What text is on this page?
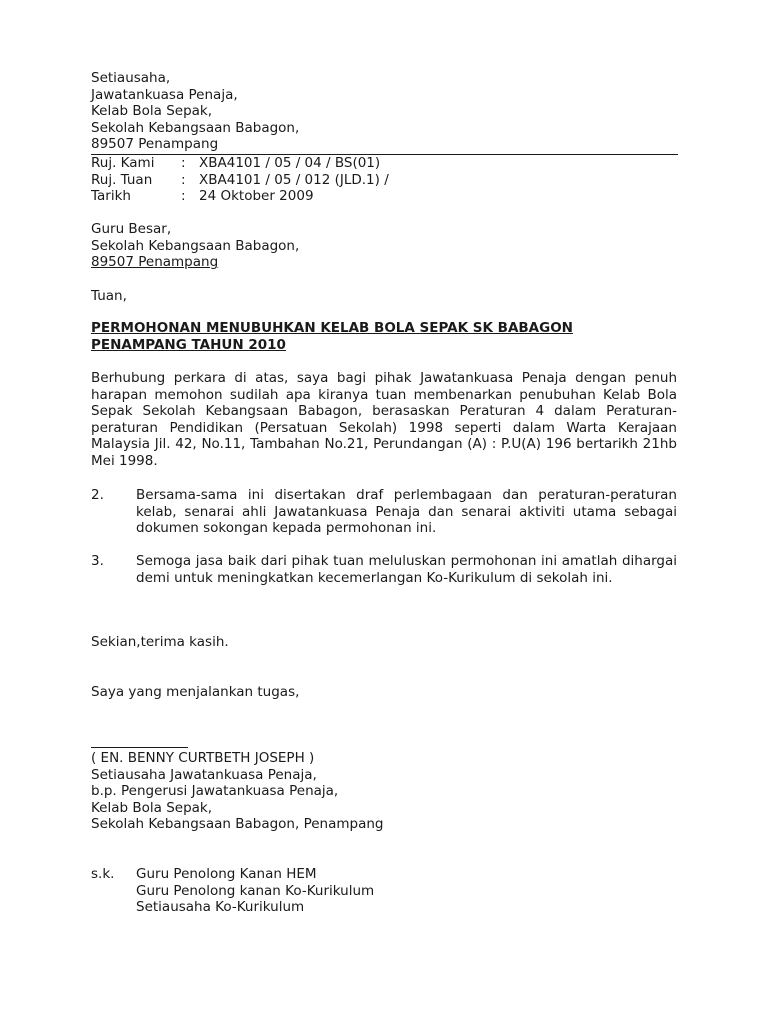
Setiausaha,
Jawatankuasa Penaja,
Kelab Bola Sepak,
Sekolah Kebangsaan Babagon,
89507 Penampang
Ruj. Kami	: XBA4101 / 05 / 04 / BS(01)
Ruj. Tuan	: XBA4101 / 05 / 012 (JLD.1) /
Tarikh	: 24 Oktober 2009
Guru Besar,
Sekolah Kebangsaan Babagon,
89507 Penampang
Tuan,
PERMOHONAN MENUBUHKAN KELAB BOLA SEPAK SK BABAGON
PENAMPANG TAHUN 2010
Berhubung perkara di atas, saya bagi pihak Jawatankuasa Penaja dengan penuh harapan memohon sudilah apa kiranya tuan membenarkan penubuhan Kelab Bola Sepak Sekolah Kebangsaan Babagon, berasaskan Peraturan 4 dalam Peraturan-peraturan Pendidikan (Persatuan Sekolah) 1998 seperti dalam Warta Kerajaan Malaysia Jil. 42, No.11, Tambahan No.21, Perundangan (A) : P.U(A) 196 bertarikh 21hb Mei 1998.
2.	Bersama-sama ini disertakan draf perlembagaan dan peraturan-peraturan kelab, senarai ahli Jawatankuasa Penaja dan senarai aktiviti utama sebagai dokumen sokongan kepada permohonan ini.
3.	Semoga jasa baik dari pihak tuan meluluskan permohonan ini amatlah dihargai demi untuk meningkatkan kecemerlangan Ko-Kurikulum di sekolah ini.
Sekian,terima kasih.
Saya yang menjalankan tugas,
( EN. BENNY CURTBETH JOSEPH )
Setiausaha Jawatankuasa Penaja,
b.p. Pengerusi Jawatankuasa Penaja,
Kelab Bola Sepak,
Sekolah Kebangsaan Babagon, Penampang
s.k.	Guru Penolong Kanan HEM
Guru Penolong kanan Ko-Kurikulum
Setiausaha Ko-Kurikulum
